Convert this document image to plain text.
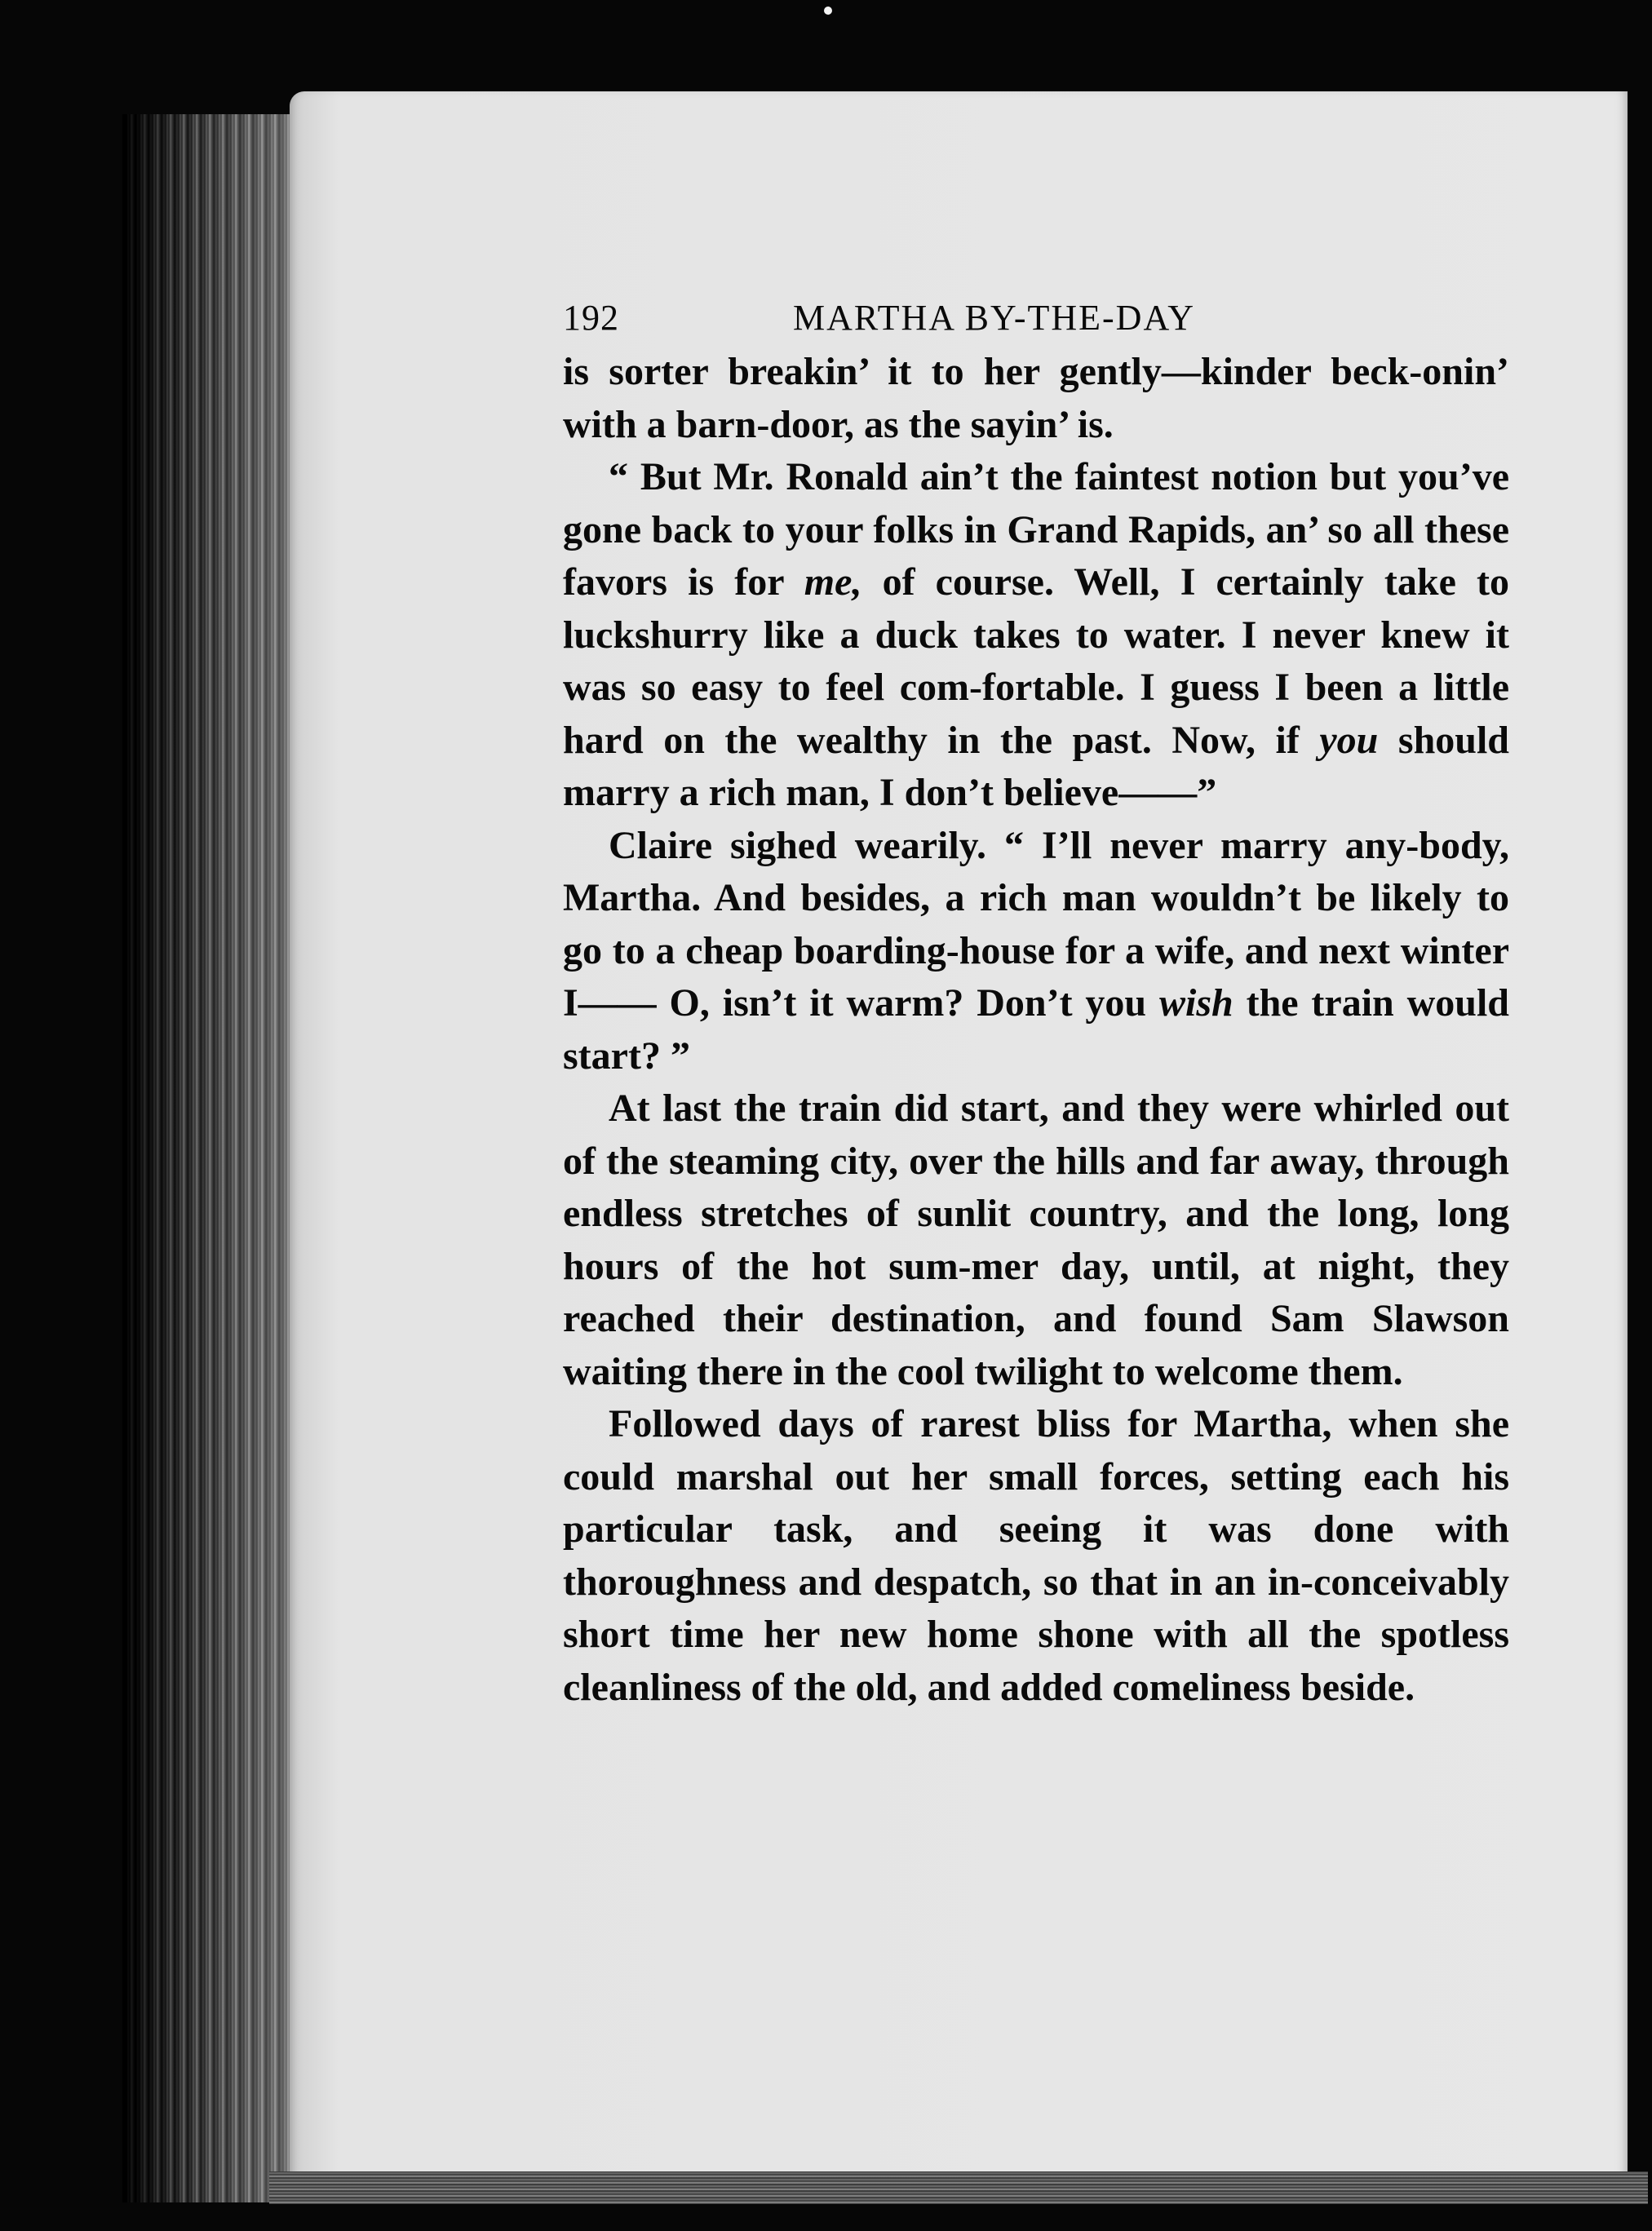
192	MARTHA BY-THE-DAY

is sorter breakin’ it to her gently—kinder beck-onin’ with a barn-door, as the sayin’ is.

“ But Mr. Ronald ain’t the faintest notion but you’ve gone back to your folks in Grand Rapids, an’ so all these favors is for me, of course. Well, I certainly take to luckshurry like a duck takes to water. I never knew it was so easy to feel com-fortable. I guess I been a little hard on the wealthy in the past. Now, if you should marry a rich man, I don’t believe——”

Claire sighed wearily. “ I’ll never marry any-body, Martha. And besides, a rich man wouldn’t be likely to go to a cheap boarding-house for a wife, and next winter I—— O, isn’t it warm? Don’t you wish the train would start? ”

At last the train did start, and they were whirled out of the steaming city, over the hills and far away, through endless stretches of sunlit country, and the long, long hours of the hot sum-mer day, until, at night, they reached their destination, and found Sam Slawson waiting there in the cool twilight to welcome them.

Followed days of rarest bliss for Martha, when she could marshal out her small forces, setting each his particular task, and seeing it was done with thoroughness and despatch, so that in an in-conceivably short time her new home shone with all the spotless cleanliness of the old, and added comeliness beside.
